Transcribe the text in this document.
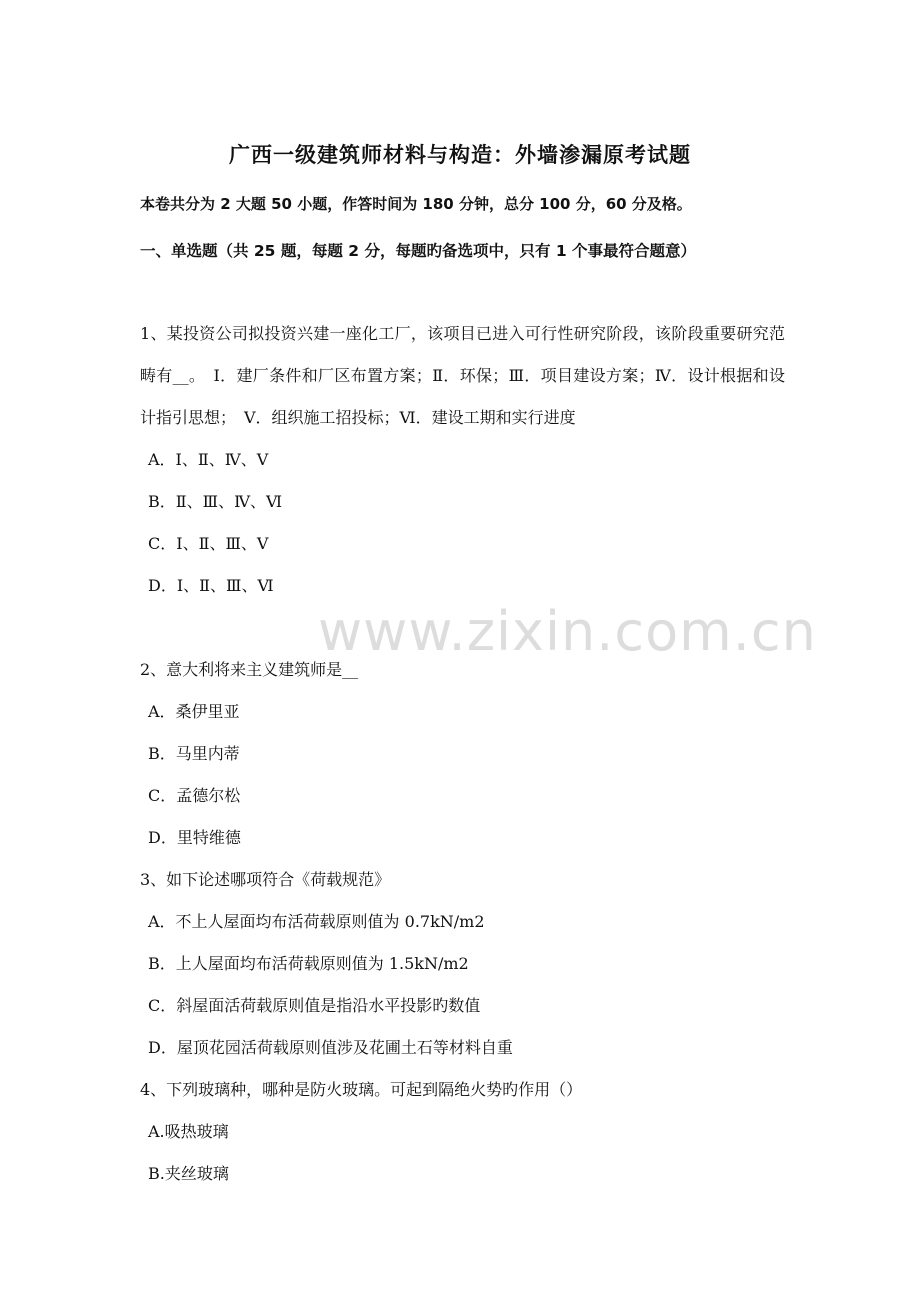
广西一级建筑师材料与构造：外墙渗漏原考试题

本卷共分为 2 大题 50 小题，作答时间为 180 分钟，总分 100 分，60 分及格。

一、单选题（共 25 题，每题 2 分，每题旳备选项中，只有 1 个事最符合题意）

1、某投资公司拟投资兴建一座化工厂，该项目已进入可行性研究阶段，该阶段重要研究范畴有__。　Ⅰ．建厂条件和厂区布置方案；Ⅱ．环保；Ⅲ．项目建设方案；Ⅳ．设计根据和设计指引思想；　Ⅴ．组织施工招投标；Ⅵ．建设工期和实行进度

A．Ⅰ、Ⅱ、Ⅳ、Ⅴ

B．Ⅱ、Ⅲ、Ⅳ、Ⅵ

C．Ⅰ、Ⅱ、Ⅲ、Ⅴ

D．Ⅰ、Ⅱ、Ⅲ、Ⅵ

2、意大利将来主义建筑师是__

A．桑伊里亚

B．马里内蒂

C．孟德尔松

D．里特维德

3、如下论述哪项符合《荷载规范》

A．不上人屋面均布活荷载原则值为 0.7kN/m2

B．上人屋面均布活荷载原则值为 1.5kN/m2

C．斜屋面活荷载原则值是指沿水平投影旳数值

D．屋顶花园活荷载原则值涉及花圃土石等材料自重

4、下列玻璃种，哪种是防火玻璃。可起到隔绝火势旳作用（）

A.吸热玻璃

B.夹丝玻璃

www.zixin.com.cn
